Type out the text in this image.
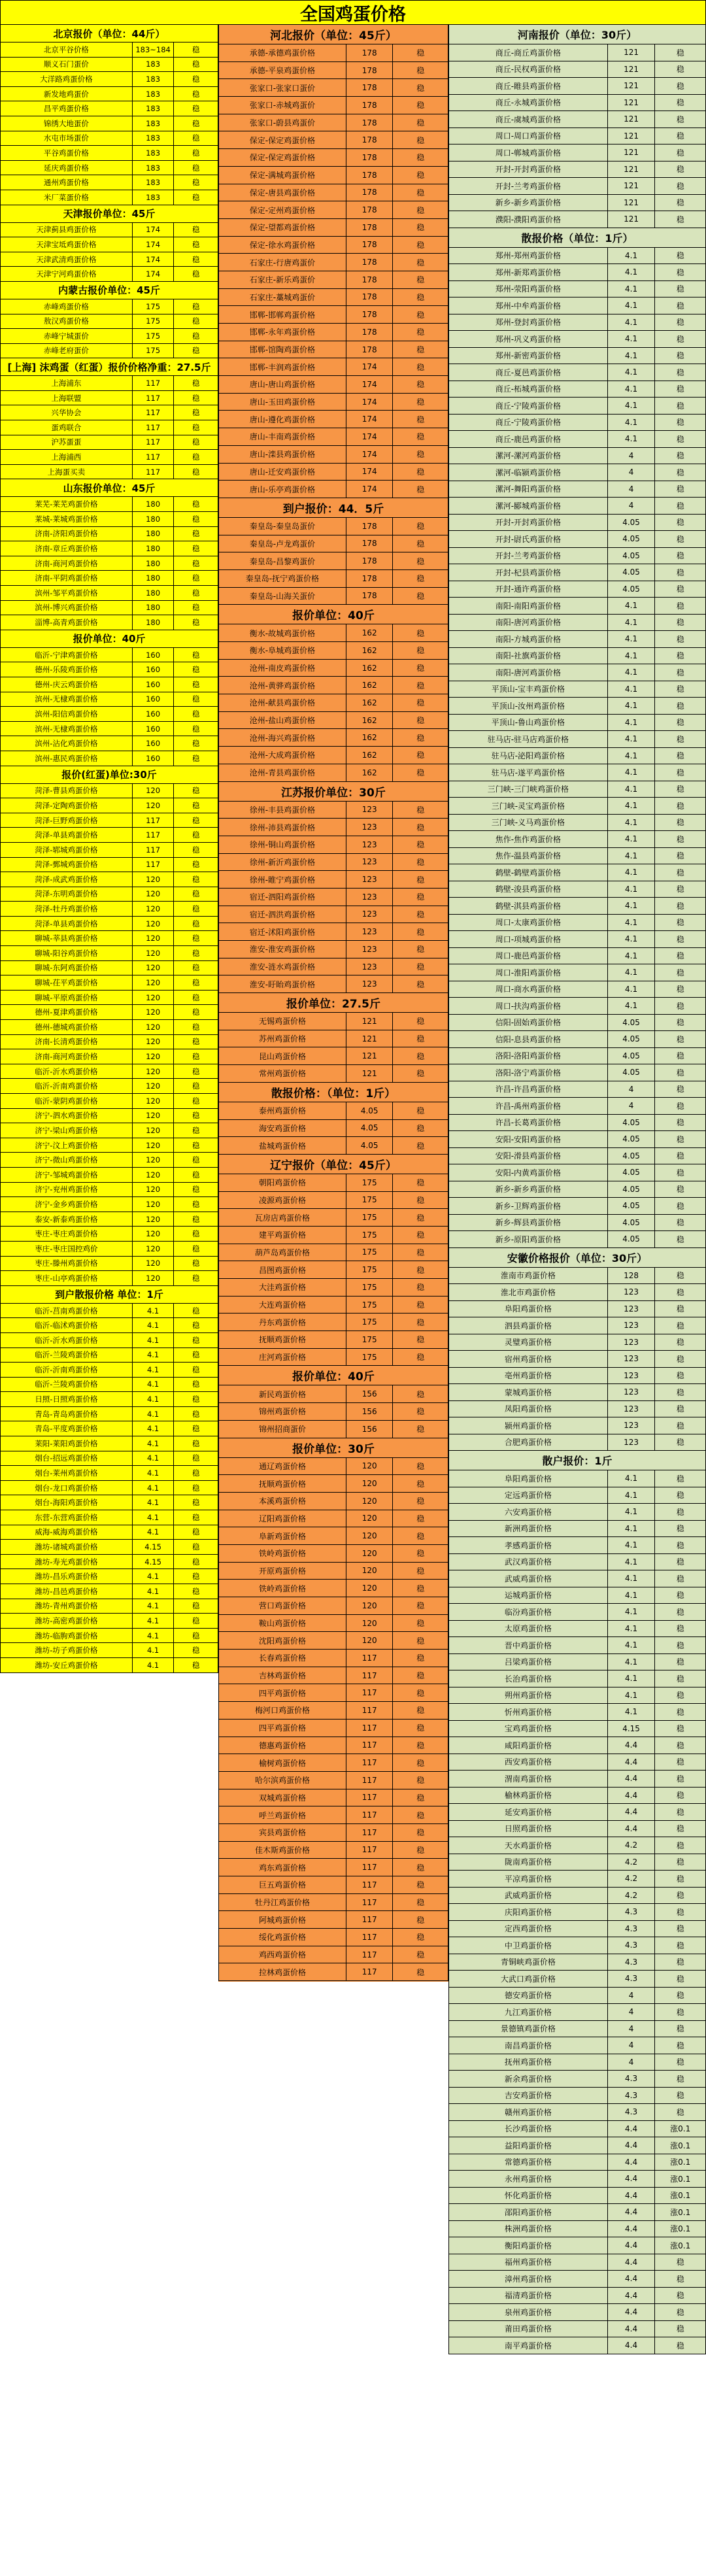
全国鸡蛋价格
北京报价（单位：44斤）
北京平谷价格	183~184	稳
顺义石门蛋价	183	稳
大洋路鸡蛋价格	183	稳
新发地鸡蛋价	183	稳
昌平鸡蛋价格	183	稳
锦绣大地蛋价	183	稳
水屯市场蛋价	183	稳
平谷鸡蛋价格	183	稳
延庆鸡蛋价格	183	稳
通州鸡蛋价格	183	稳
米厂菜蛋价格	183	稳
天津报价单位：45斤
天津蓟县鸡蛋价格	174	稳
天津宝坻鸡蛋价格	174	稳
天津武清鸡蛋价格	174	稳
天津宁河鸡蛋价格	174	稳
内蒙古报价单位：45斤
赤峰鸡蛋价格	175	稳
敖汉鸡蛋价格	175	稳
赤峰宁城蛋价	175	稳
赤峰老府蛋价	175	稳
[上海] 沫鸡蛋（红蛋）报价价格净重：27.5斤
上海浦东	117	稳
上海联盟	117	稳
兴华协会	117	稳
蛋鸡联合	117	稳
沪苏蛋蛋	117	稳
上海浦西	117	稳
上海蛋买卖	117	稳
山东报价单位：45斤
莱芜-莱芜鸡蛋价格	180	稳
莱城-莱城鸡蛋价格	180	稳
济南-济阳鸡蛋价格	180	稳
济南-章丘鸡蛋价格	180	稳
济南-商河鸡蛋价格	180	稳
济南-平阴鸡蛋价格	180	稳
滨州-邹平鸡蛋价格	180	稳
滨州-博兴鸡蛋价格	180	稳
淄博-高青鸡蛋价格	180	稳
报价单位：40斤
临沂-宁津鸡蛋价格	160	稳
德州-乐陵鸡蛋价格	160	稳
德州-庆云鸡蛋价格	160	稳
滨州-无棣鸡蛋价格	160	稳
滨州-阳信鸡蛋价格	160	稳
滨州-无棣鸡蛋价格	160	稳
滨州-沾化鸡蛋价格	160	稳
滨州-惠民鸡蛋价格	160	稳
报价(红蛋)单位:30斤
菏泽-曹县鸡蛋价格	120	稳
菏泽-定陶鸡蛋价格	120	稳
菏泽-巨野鸡蛋价格	117	稳
菏泽-单县鸡蛋价格	117	稳
菏泽-郓城鸡蛋价格	117	稳
菏泽-鄄城鸡蛋价格	117	稳
菏泽-成武鸡蛋价格	120	稳
菏泽-东明鸡蛋价格	120	稳
菏泽-牡丹鸡蛋价格	120	稳
菏泽-单县鸡蛋价格	120	稳
聊城-莘县鸡蛋价格	120	稳
聊城-阳谷鸡蛋价格	120	稳
聊城-东阿鸡蛋价格	120	稳
聊城-茌平鸡蛋价格	120	稳
聊城-平原鸡蛋价格	120	稳
德州-夏津鸡蛋价格	120	稳
德州-德城鸡蛋价格	120	稳
济南-长清鸡蛋价格	120	稳
济南-商河鸡蛋价格	120	稳
临沂-沂水鸡蛋价格	120	稳
临沂-沂南鸡蛋价格	120	稳
临沂-蒙阴鸡蛋价格	120	稳
济宁-泗水鸡蛋价格	120	稳
济宁-梁山鸡蛋价格	120	稳
济宁-汶上鸡蛋价格	120	稳
济宁-微山鸡蛋价格	120	稳
济宁-邹城鸡蛋价格	120	稳
济宁-兖州鸡蛋价格	120	稳
济宁-金乡鸡蛋价格	120	稳
泰安-新泰鸡蛋价格	120	稳
枣庄-枣庄鸡蛋价格	120	稳
枣庄-枣庄国控鸡价	120	稳
枣庄-滕州鸡蛋价格	120	稳
枣庄-山亭鸡蛋价格	120	稳
到户散报价格 单位：1斤
临沂-莒南鸡蛋价格	4.1	稳
临沂-临沭鸡蛋价格	4.1	稳
临沂-沂水鸡蛋价格	4.1	稳
临沂-兰陵鸡蛋价格	4.1	稳
临沂-沂南鸡蛋价格	4.1	稳
临沂-兰陵鸡蛋价格	4.1	稳
日照-日照鸡蛋价格	4.1	稳
青岛-青岛鸡蛋价格	4.1	稳
青岛-平度鸡蛋价格	4.1	稳
莱阳-莱阳鸡蛋价格	4.1	稳
烟台-招远鸡蛋价格	4.1	稳
烟台-莱州鸡蛋价格	4.1	稳
烟台-龙口鸡蛋价格	4.1	稳
烟台-海阳鸡蛋价格	4.1	稳
东营-东营鸡蛋价格	4.1	稳
威海-威海鸡蛋价格	4.1	稳
潍坊-诸城鸡蛋价格	4.15	稳
潍坊-寿光鸡蛋价格	4.15	稳
潍坊-昌乐鸡蛋价格	4.1	稳
潍坊-昌邑鸡蛋价格	4.1	稳
潍坊-青州鸡蛋价格	4.1	稳
潍坊-高密鸡蛋价格	4.1	稳
潍坊-临朐鸡蛋价格	4.1	稳
潍坊-坊子鸡蛋价格	4.1	稳
潍坊-安丘鸡蛋价格	4.1	稳
河北报价（单位：45斤）
承德-承德鸡蛋价格	178	稳
承德-平泉鸡蛋价格	178	稳
张家口-张家口蛋价	178	稳
张家口-赤城鸡蛋价	178	稳
张家口-蔚县鸡蛋价	178	稳
保定-保定鸡蛋价格	178	稳
保定-保定鸡蛋价格	178	稳
保定-满城鸡蛋价格	178	稳
保定-唐县鸡蛋价格	178	稳
保定-定州鸡蛋价格	178	稳
保定-望都鸡蛋价格	178	稳
保定-徐水鸡蛋价格	178	稳
石家庄-行唐鸡蛋价	178	稳
石家庄-新乐鸡蛋价	178	稳
石家庄-藁城鸡蛋价	178	稳
邯郸-邯郸鸡蛋价格	178	稳
邯郸-永年鸡蛋价格	178	稳
邯郸-馆陶鸡蛋价格	178	稳
邯郸-丰润鸡蛋价格	174	稳
唐山-唐山鸡蛋价格	174	稳
唐山-玉田鸡蛋价格	174	稳
唐山-遵化鸡蛋价格	174	稳
唐山-丰南鸡蛋价格	174	稳
唐山-滦县鸡蛋价格	174	稳
唐山-迁安鸡蛋价格	174	稳
唐山-乐亭鸡蛋价格	174	稳
到户报价：44．5斤
秦皇岛-秦皇岛蛋价	178	稳
秦皇岛-卢龙鸡蛋价	178	稳
秦皇岛-昌黎鸡蛋价	178	稳
秦皇岛-抚宁鸡蛋价格	178	稳
秦皇岛-山海关蛋价	178	稳
报价单位：40斤
衡水-故城鸡蛋价格	162	稳
衡水-阜城鸡蛋价格	162	稳
沧州-南皮鸡蛋价格	162	稳
沧州-黄骅鸡蛋价格	162	稳
沧州-献县鸡蛋价格	162	稳
沧州-盐山鸡蛋价格	162	稳
沧州-海兴鸡蛋价格	162	稳
沧州-大成鸡蛋价格	162	稳
沧州-青县鸡蛋价格	162	稳
江苏报价单位：30斤
徐州-丰县鸡蛋价格	123	稳
徐州-沛县鸡蛋价格	123	稳
徐州-铜山鸡蛋价格	123	稳
徐州-新沂鸡蛋价格	123	稳
徐州-睢宁鸡蛋价格	123	稳
宿迁-泗阳鸡蛋价格	123	稳
宿迁-泗洪鸡蛋价格	123	稳
宿迁-沭阳鸡蛋价格	123	稳
淮安-淮安鸡蛋价格	123	稳
淮安-涟水鸡蛋价格	123	稳
淮安-盱眙鸡蛋价格	123	稳
报价单位：27.5斤
无锡鸡蛋价格	121	稳
苏州鸡蛋价格	121	稳
昆山鸡蛋价格	121	稳
常州鸡蛋价格	121	稳
散报价格：（单位：1斤）
泰州鸡蛋价格	4.05	稳
海安鸡蛋价格	4.05	稳
盐城鸡蛋价格	4.05	稳
辽宁报价（单位：45斤）
朝阳鸡蛋价格	175	稳
凌源鸡蛋价格	175	稳
瓦房店鸡蛋价格	175	稳
建平鸡蛋价格	175	稳
葫芦岛鸡蛋价格	175	稳
昌图鸡蛋价格	175	稳
大洼鸡蛋价格	175	稳
大连鸡蛋价格	175	稳
丹东鸡蛋价格	175	稳
抚顺鸡蛋价格	175	稳
庄河鸡蛋价格	175	稳
报价单位：40斤
新民鸡蛋价格	156	稳
锦州鸡蛋价格	156	稳
锦州招商蛋价	156	稳
报价单位：30斤
通辽鸡蛋价格	120	稳
抚顺鸡蛋价格	120	稳
本溪鸡蛋价格	120	稳
辽阳鸡蛋价格	120	稳
阜新鸡蛋价格	120	稳
铁岭鸡蛋价格	120	稳
开原鸡蛋价格	120	稳
铁岭鸡蛋价格	120	稳
营口鸡蛋价格	120	稳
鞍山鸡蛋价格	120	稳
沈阳鸡蛋价格	120	稳
长春鸡蛋价格	117	稳
吉林鸡蛋价格	117	稳
四平鸡蛋价格	117	稳
梅河口鸡蛋价格	117	稳
四平鸡蛋价格	117	稳
德惠鸡蛋价格	117	稳
榆树鸡蛋价格	117	稳
哈尔滨鸡蛋价格	117	稳
双城鸡蛋价格	117	稳
呼兰鸡蛋价格	117	稳
宾县鸡蛋价格	117	稳
佳木斯鸡蛋价格	117	稳
鸡东鸡蛋价格	117	稳
巨五鸡蛋价格	117	稳
牡丹江鸡蛋价格	117	稳
阿城鸡蛋价格	117	稳
绥化鸡蛋价格	117	稳
鸡西鸡蛋价格	117	稳
拉林鸡蛋价格	117	稳
河南报价（单位：30斤）
商丘-商丘鸡蛋价格	121	稳
商丘-民权鸡蛋价格	121	稳
商丘-睢县鸡蛋价格	121	稳
商丘-永城鸡蛋价格	121	稳
商丘-虞城鸡蛋价格	121	稳
周口-周口鸡蛋价格	121	稳
周口-郸城鸡蛋价格	121	稳
开封-开封鸡蛋价格	121	稳
开封-兰考鸡蛋价格	121	稳
新乡-新乡鸡蛋价格	121	稳
濮阳-濮阳鸡蛋价格	121	稳
散报价格（单位：1斤）
郑州-郑州鸡蛋价格	4.1	稳
郑州-新郑鸡蛋价格	4.1	稳
郑州-荥阳鸡蛋价格	4.1	稳
郑州-中牟鸡蛋价格	4.1	稳
郑州-登封鸡蛋价格	4.1	稳
郑州-巩义鸡蛋价格	4.1	稳
郑州-新密鸡蛋价格	4.1	稳
商丘-夏邑鸡蛋价格	4.1	稳
商丘-柘城鸡蛋价格	4.1	稳
商丘-宁陵鸡蛋价格	4.1	稳
商丘-宁陵鸡蛋价格	4.1	稳
商丘-鹿邑鸡蛋价格	4.1	稳
漯河-漯河鸡蛋价格	4	稳
漯河-临颍鸡蛋价格	4	稳
漯河-舞阳鸡蛋价格	4	稳
漯河-郾城鸡蛋价格	4	稳
开封-开封鸡蛋价格	4.05	稳
开封-尉氏鸡蛋价格	4.05	稳
开封-兰考鸡蛋价格	4.05	稳
开封-杞县鸡蛋价格	4.05	稳
开封-通许鸡蛋价格	4.05	稳
南阳-南阳鸡蛋价格	4.1	稳
南阳-唐河鸡蛋价格	4.1	稳
南阳-方城鸡蛋价格	4.1	稳
南阳-社旗鸡蛋价格	4.1	稳
南阳-唐河鸡蛋价格	4.1	稳
平顶山-宝丰鸡蛋价格	4.1	稳
平顶山-汝州鸡蛋价格	4.1	稳
平顶山-鲁山鸡蛋价格	4.1	稳
驻马店-驻马店鸡蛋价格	4.1	稳
驻马店-泌阳鸡蛋价格	4.1	稳
驻马店-遂平鸡蛋价格	4.1	稳
三门峡-三门峡鸡蛋价格	4.1	稳
三门峡-灵宝鸡蛋价格	4.1	稳
三门峡-义马鸡蛋价格	4.1	稳
焦作-焦作鸡蛋价格	4.1	稳
焦作-温县鸡蛋价格	4.1	稳
鹤壁-鹤壁鸡蛋价格	4.1	稳
鹤壁-浚县鸡蛋价格	4.1	稳
鹤壁-淇县鸡蛋价格	4.1	稳
周口-太康鸡蛋价格	4.1	稳
周口-项城鸡蛋价格	4.1	稳
周口-鹿邑鸡蛋价格	4.1	稳
周口-淮阳鸡蛋价格	4.1	稳
周口-商水鸡蛋价格	4.1	稳
周口-扶沟鸡蛋价格	4.1	稳
信阳-固始鸡蛋价格	4.05	稳
信阳-息县鸡蛋价格	4.05	稳
洛阳-洛阳鸡蛋价格	4.05	稳
洛阳-洛宁鸡蛋价格	4.05	稳
许昌-许昌鸡蛋价格	4	稳
许昌-禹州鸡蛋价格	4	稳
许昌-长葛鸡蛋价格	4.05	稳
安阳-安阳鸡蛋价格	4.05	稳
安阳-滑县鸡蛋价格	4.05	稳
安阳-内黄鸡蛋价格	4.05	稳
新乡-新乡鸡蛋价格	4.05	稳
新乡-卫辉鸡蛋价格	4.05	稳
新乡-辉县鸡蛋价格	4.05	稳
新乡-原阳鸡蛋价格	4.05	稳
安徽价格报价（单位：30斤）
淮南市鸡蛋价格	128	稳
淮北市鸡蛋价格	123	稳
阜阳鸡蛋价格	123	稳
泗县鸡蛋价格	123	稳
灵璧鸡蛋价格	123	稳
宿州鸡蛋价格	123	稳
亳州鸡蛋价格	123	稳
蒙城鸡蛋价格	123	稳
凤阳鸡蛋价格	123	稳
颍州鸡蛋价格	123	稳
合肥鸡蛋价格	123	稳
散户报价：1斤
阜阳鸡蛋价格	4.1	稳
定远鸡蛋价格	4.1	稳
六安鸡蛋价格	4.1	稳
新洲鸡蛋价格	4.1	稳
孝感鸡蛋价格	4.1	稳
武汉鸡蛋价格	4.1	稳
武威鸡蛋价格	4.1	稳
运城鸡蛋价格	4.1	稳
临汾鸡蛋价格	4.1	稳
太原鸡蛋价格	4.1	稳
晋中鸡蛋价格	4.1	稳
吕梁鸡蛋价格	4.1	稳
长治鸡蛋价格	4.1	稳
朔州鸡蛋价格	4.1	稳
忻州鸡蛋价格	4.1	稳
宝鸡鸡蛋价格	4.15	稳
咸阳鸡蛋价格	4.4	稳
西安鸡蛋价格	4.4	稳
渭南鸡蛋价格	4.4	稳
榆林鸡蛋价格	4.4	稳
延安鸡蛋价格	4.4	稳
日照鸡蛋价格	4.4	稳
天水鸡蛋价格	4.2	稳
陇南鸡蛋价格	4.2	稳
平凉鸡蛋价格	4.2	稳
武威鸡蛋价格	4.2	稳
庆阳鸡蛋价格	4.3	稳
定西鸡蛋价格	4.3	稳
中卫鸡蛋价格	4.3	稳
青铜峡鸡蛋价格	4.3	稳
大武口鸡蛋价格	4.3	稳
德安鸡蛋价格	4	稳
九江鸡蛋价格	4	稳
景德镇鸡蛋价格	4	稳
南昌鸡蛋价格	4	稳
抚州鸡蛋价格	4	稳
新余鸡蛋价格	4.3	稳
吉安鸡蛋价格	4.3	稳
赣州鸡蛋价格	4.3	稳
长沙鸡蛋价格	4.4	涨0.1
益阳鸡蛋价格	4.4	涨0.1
常德鸡蛋价格	4.4	涨0.1
永州鸡蛋价格	4.4	涨0.1
怀化鸡蛋价格	4.4	涨0.1
邵阳鸡蛋价格	4.4	涨0.1
株洲鸡蛋价格	4.4	涨0.1
衡阳鸡蛋价格	4.4	涨0.1
福州鸡蛋价格	4.4	稳
漳州鸡蛋价格	4.4	稳
福清鸡蛋价格	4.4	稳
泉州鸡蛋价格	4.4	稳
莆田鸡蛋价格	4.4	稳
南平鸡蛋价格	4.4	稳
